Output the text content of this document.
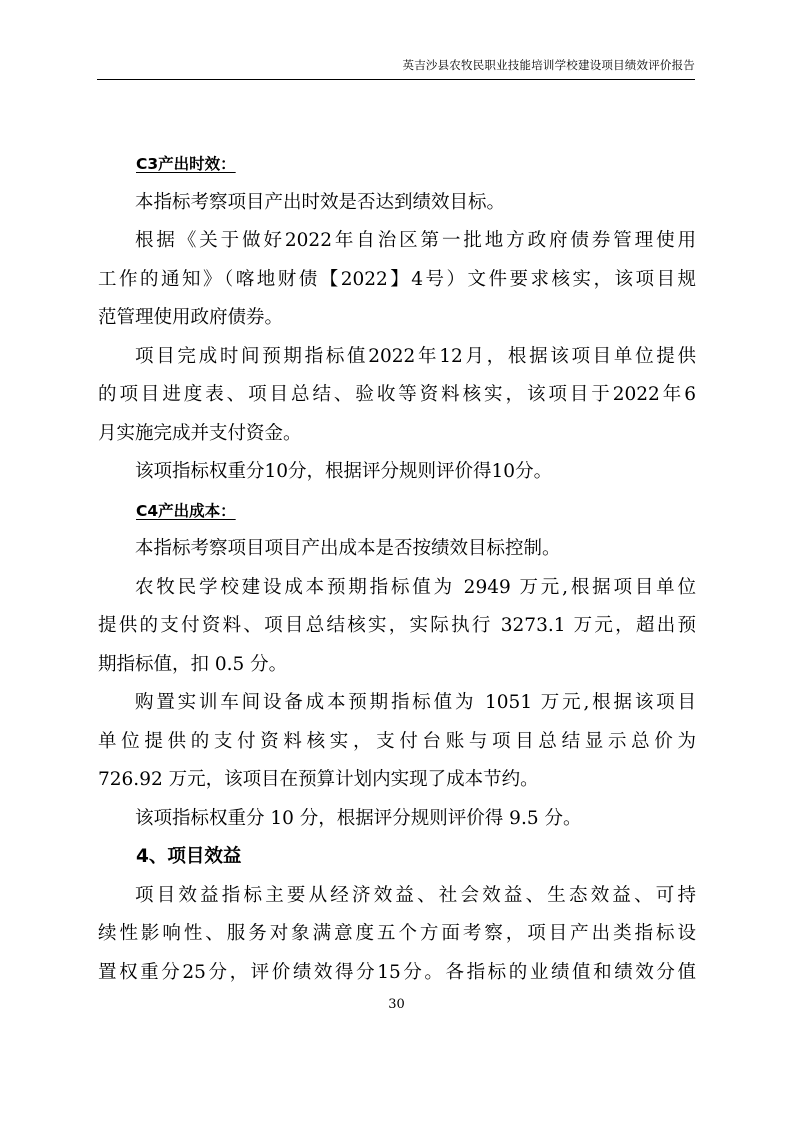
英吉沙县农牧民职业技能培训学校建设项目绩效评价报告
C3产出时效：
本指标考察项目产出时效是否达到绩效目标。
根据《关于做好2022年自治区第一批地方政府债券管理使用
工作的通知》（喀地财债【2022】4号）文件要求核实，该项目规
范管理使用政府债券。
项目完成时间预期指标值2022年12月，根据该项目单位提供
的项目进度表、项目总结、验收等资料核实，该项目于2022年6
月实施完成并支付资金。
该项指标权重分10分，根据评分规则评价得10分。
C4产出成本：
本指标考察项目项目产出成本是否按绩效目标控制。
农牧民学校建设成本预期指标值为 2949 万元,根据项目单位
提供的支付资料、项目总结核实，实际执行 3273.1 万元，超出预
期指标值，扣 0.5 分。
购置实训车间设备成本预期指标值为 1051 万元,根据该项目
单位提供的支付资料核实，支付台账与项目总结显示总价为
726.92 万元，该项目在预算计划内实现了成本节约。
该项指标权重分 10 分，根据评分规则评价得 9.5 分。
4、项目效益
项目效益指标主要从经济效益、社会效益、生态效益、可持
续性影响性、服务对象满意度五个方面考察，项目产出类指标设
置权重分25分，评价绩效得分15分。各指标的业绩值和绩效分值
30
